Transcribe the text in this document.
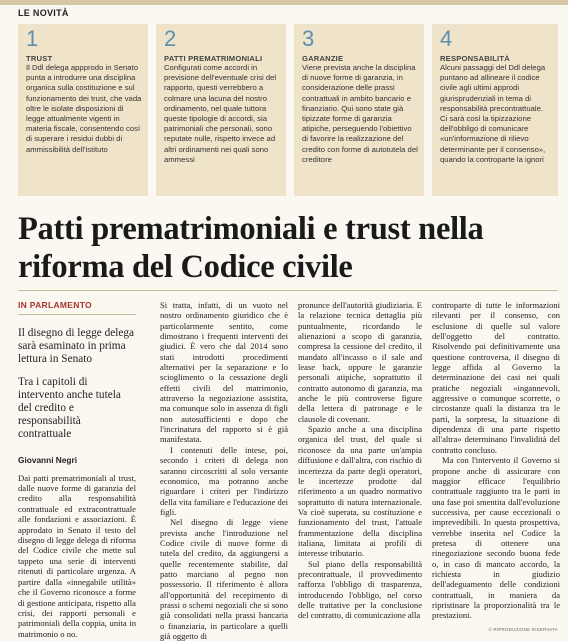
LE NOVITÀ
1
TRUST
Il Ddl delega appprodo in Senato punta a introdurre una disciplina organica sulla costituzione e sul funzionamento dei trust, che vada oltre le isolate disposizioni di legge attualmente vigenti in materia fiscale, consentendo così di superare i residui dubbi di ammissibilità dell'istituto
2
PATTI PREMATRIMONIALI
Configurati come accordi in previsione dell'eventuale crisi del rapporto, questi verrebbero a colmare una lacuna del nostro ordinamento, nel quale tuttora queste tipologie di accordi, sia patrimoniali che personali, sono reputate nulle, rispetto invece ad altri ordinamenti nei quali sono ammessi
3
GARANZIE
Viene prevista anche la disciplina di nuove forme di garanzia, in considerazione delle prassi contrattuali in ambito bancario e finanziario. Qui sono state già tipizzate forme di garanzia atipiche, perseguendo l'obiettivo di favorire la realizzazione del credito con forme di autotutela del creditore
4
RESPONSABILITÀ
Alcuni passaggi del Ddl delega puntano ad allineare il codice civile agli ultimi approdi giurisprudenziali in tema di responsabilità precontrattuale. Ci sarà così la tipizzazione dell'obbligo di comunicare «un'informazione di rilievo determinante per il consenso», quando la controparte la ignori
Patti prematrimoniali e trust nella riforma del Codice civile
IN PARLAMENTO
Il disegno di legge delega sarà esaminato in prima lettura in Senato
Tra i capitoli di intervento anche tutela del credito e responsabilità contrattuale
Giovanni Negri
Dai patti prematrimoniali al trust, dalle nuove forme di garanzia del credito alla responsabilità contrattuale ed extracontrattuale alle fondazioni e associazioni. È approdato in Senato il testo del disegno di legge delega di riforma del Codice civile che mette sul tappeto una serie di interventi ritenuti di particolare urgenza. A partire dalla «innegabile utilità» che il Governo riconosce a forme di gestione anticipata, rispetto alla crisi, dei rapporti personali e patrimoniali della coppia, unita in matrimonio o no.

Si tratta, infatti, di un vuoto nel nostro ordinamento giuridico che è particolarmente sentito, come dimostrano i frequenti interventi dei giudici. È vero che dal 2014 sono stati introdotti procedimenti alternativi per la separazione e lo scioglimento o la cessazione degli effetti civili del matrimonio, attraverso la negoziazione assistita, ma comunque solo in assenza di figli non autosufficienti e dopo che l'incrinatura del rapporto si è già manifestata.

I contenuti delle intese, poi, secondo i criteri di delega non saranno circoscritti al solo versante economico, ma potranno anche riguardare i criteri per l'indirizzo della vita familiare e l'educazione dei figli.

Nel disegno di legge viene prevista anche l'introduzione nel Codice civile di nuove forme di tutela del credito, da aggiungersi a quelle recentemente stabilite, dal patto marciano al pegno non possessorio. Il riferimento è allora all'opportunità del recepimento di prassi o schemi negoziali che si sono già consolidati nella prassi bancaria o finanziaria, in particolare a quelli già oggetto di

pronunce dell'autorità giudiziaria. E la relazione tecnica dettaglia più puntualmente, ricordando le alienazioni a scopo di garanzia, compresa la cessione del credito, il mandato all'incasso o il sale and lease back, oppure le garanzie personali atipiche, soprattutto il contratto autonomo di garanzia, ma anche le più controverse figure della lettera di patronage e le clausole di covenant.

Spazio anche a una disciplina organica del trust, del quale si riconosce da una parte un'ampia diffusione e dall'altra, con rischio di incertezza da parte degli operatori, le incertezze prodotte dal riferimento a un quadro normativo soprattutto di natura internazionale. Va cioè superata, su costituzione e funzionamento del trust, l'attuale frammentazione della disciplina italiana, limitata ai profili di interesse tributario.

Sul piano della responsabilità precontrattuale, il provvedimento rafforza l'obbligo di trasparenza, introducendo l'obbligo, nel corso delle trattative per la conclusione del contratto, di comunicazione alla

controparte di tutte le informazioni rilevanti per il consenso, con esclusione di quelle sul valore dell'oggetto del contratto. Risolvendo poi definitivamente una questione controversa, il disegno di legge affida al Governo la determinazione dei casi nei quali pratiche negoziali «ingannevoli, aggressive o comunque scorrette, o circostanze quali la distanza tra le parti, la sorpresa, la situazione di dipendenza di una parte rispetto all'altra» determinano l'invalidità del contratto concluso.

Ma con l'intervento il Governo si propone anche di assicurare con maggior efficace l'equilibrio contrattuale raggiunto tra le parti in una fase poi smentita dall'evoluzione successiva, per cause eccezionali o imprevedibili. In questa prospettiva, verrebbe inserita nel Codice la pretesa di ottenere una rinegoziazione secondo buona fede o, in caso di mancato accordo, la richiesta in giudizio dell'adeguamento delle condizioni contrattuali, in maniera da ripristinare la proporzionalità tra le prestazioni.

© RIPRODUZIONE RISERVATA
